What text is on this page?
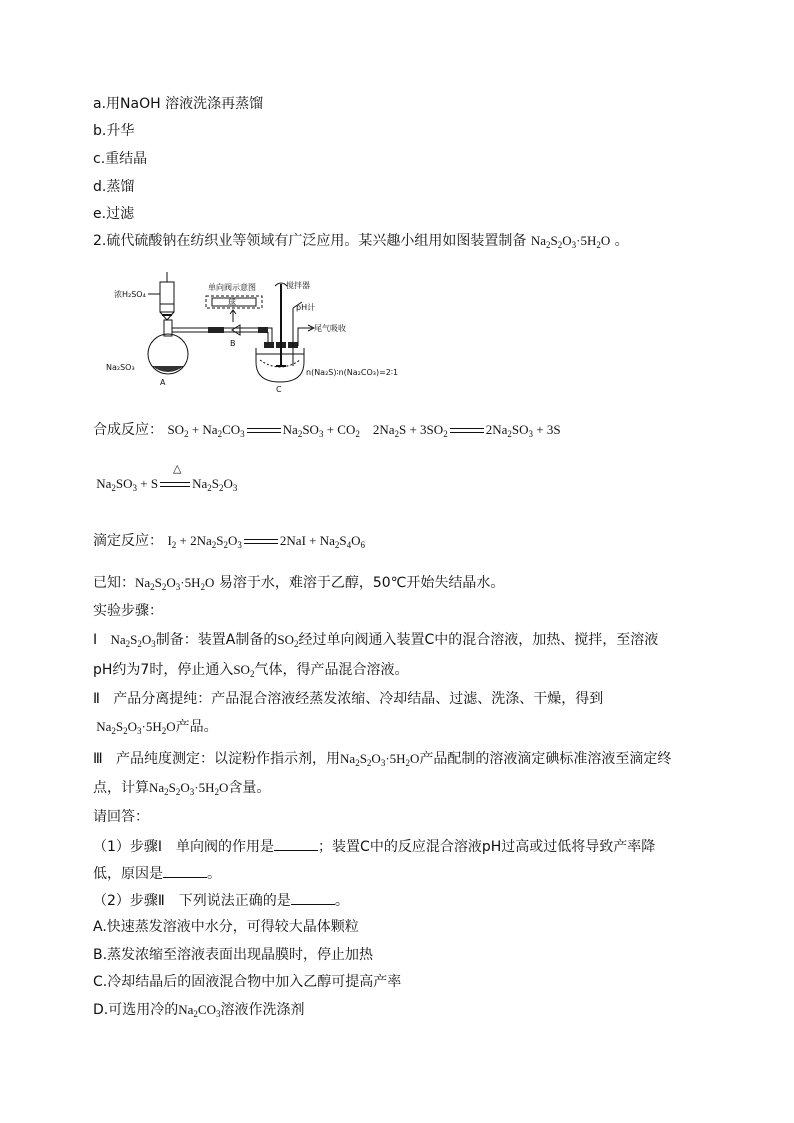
a.用NaOH 溶液洗涤再蒸馏
b.升华
c.重结晶
d.蒸馏
e.过滤
2.硫代硫酸钠在纺织业等领域有广泛应用。某兴趣小组用如图装置制备 $Na_2S_2O_3\cdot 5H_2O$ 。
浓H₂SO₄
Na₂SO₃
A
B
单向阀示意图
球
搅拌器
pH计
尾气吸收
C
n(Na₂S)∶n(Na₂CO₃)=2∶1
合成反应： $SO_2 + Na_2CO_3$	$Na_2SO_3 + CO_2$    $2Na_2S + 3SO_2$	$2Na_2SO_3 + 3S$
$Na_2SO_3 + S$	$Na_2S_2O_3$
△
滴定反应： $I_2 + 2Na_2S_2O_3$	$2NaI + Na_2S_4O_6$
已知：$Na_2S_2O_3\cdot 5H_2O$ 易溶于水，难溶于乙醇，50℃开始失结晶水。
实验步骤：
Ⅰ $Na_2S_2O_3$制备：装置A制备的$SO_2$经过单向阀通入装置C中的混合溶液，加热、搅拌，至溶液
pH约为7时，停止通入$SO_2$气体，得产品混合溶液。
Ⅱ 产品分离提纯：产品混合溶液经蒸发浓缩、冷却结晶、过滤、洗涤、干燥，得到
$Na_2S_2O_3\cdot 5H_2O$产品。
Ⅲ 产品纯度测定：以淀粉作指示剂，用$Na_2S_2O_3\cdot 5H_2O$产品配制的溶液滴定碘标准溶液至滴定终
点，计算$Na_2S_2O_3\cdot 5H_2O$含量。
请回答：
（1）步骤Ⅰ　单向阀的作用是	；装置C中的反应混合溶液pH过高或过低将导致产率降
低，原因是	。
（2）步骤Ⅱ　下列说法正确的是	。
A.快速蒸发溶液中水分，可得较大晶体颗粒
B.蒸发浓缩至溶液表面出现晶膜时，停止加热
C.冷却结晶后的固液混合物中加入乙醇可提高产率
D.可选用冷的$Na_2CO_3$溶液作洗涤剂
